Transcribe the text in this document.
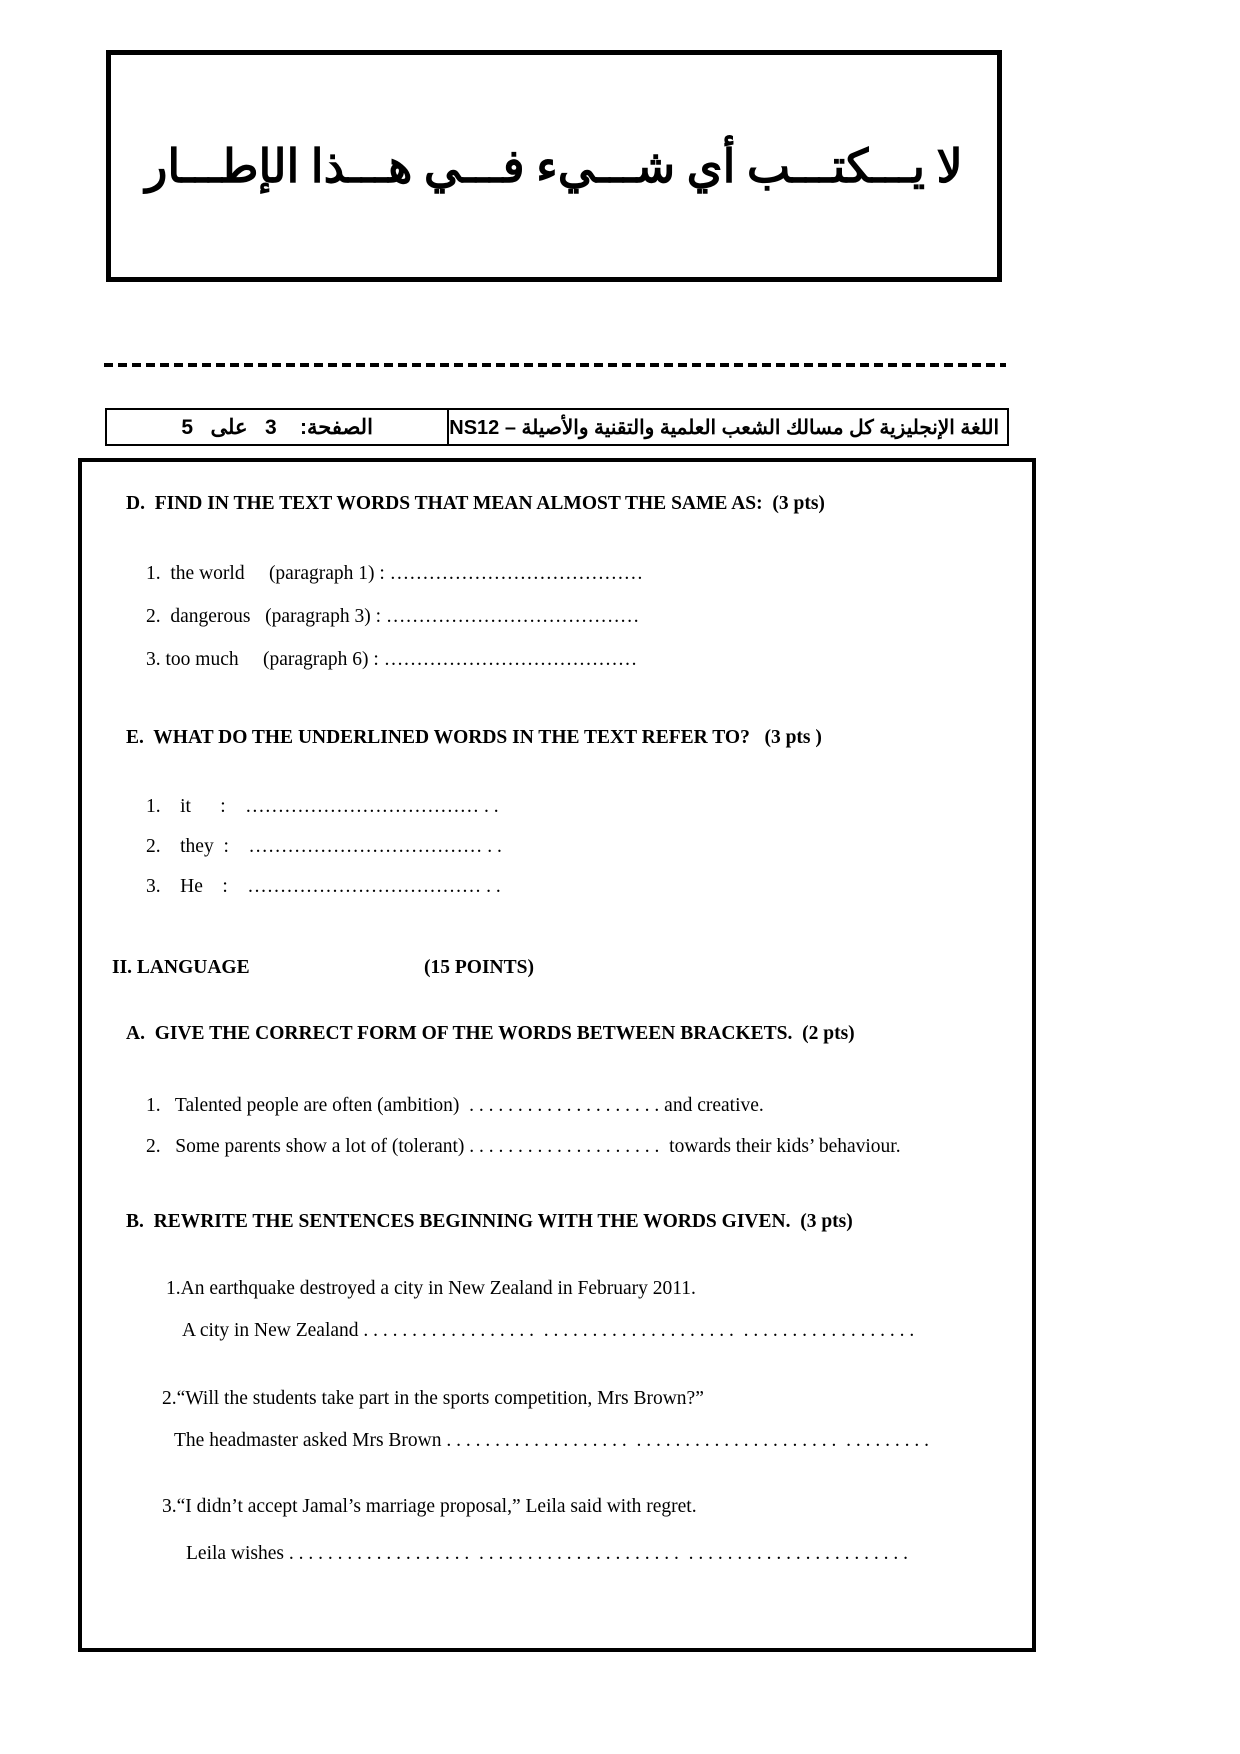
لا يـــكتـــب أي شـــيء فـــي هـــذا الإطـــار
الصفحة:    3   على   5	اللغة الإنجليزية كل مسالك الشعب العلمية والتقنية والأصيلة – NS12
D.  FIND IN THE TEXT WORDS THAT MEAN ALMOST THE SAME AS:  (3 pts)
1.  the world     (paragraph 1) : …………………………………
2.  dangerous   (paragraph 3) : …………………………………
3. too much     (paragraph 6) : …………………………………
E.  WHAT DO THE UNDERLINED WORDS IN THE TEXT REFER TO?   (3 pts )
1.    it      :    ……………………………… . .
2.    they  :    ……………………………… . .
3.    He    :    ……………………………… . .
II. LANGUAGE	(15 POINTS)
A.  GIVE THE CORRECT FORM OF THE WORDS BETWEEN BRACKETS.  (2 pts)
1.   Talented people are often (ambition)  . . . . . . . . . . . . . . . . . . . . and creative.
2.   Some parents show a lot of (tolerant) . . . . . . . . . . . . . . . . . . . .  towards their kids’ behaviour.
B.  REWRITE THE SENTENCES BEGINNING WITH THE WORDS GIVEN.  (3 pts)
1.An earthquake destroyed a city in New Zealand in February 2011.
A city in New Zealand . . . . . . . . . . . . . . . . . .  . . . . . . . . . . . . . . . . . . . .  . . . . . . . . . . . . . . . . . .
2.“Will the students take part in the sports competition, Mrs Brown?”
The headmaster asked Mrs Brown . . . . . . . . . . . . . . . . . . .  . . . . . . . . . . . . . . . . . . . . .  . . . . . . . . .
3.“I didn’t accept Jamal’s marriage proposal,” Leila said with regret.
Leila wishes . . . . . . . . . . . . . . . . . . .  . . . . . . . . . . . . . . . . . . . . .  . . . . . . . . . . . . . . . . . . . . . . .
